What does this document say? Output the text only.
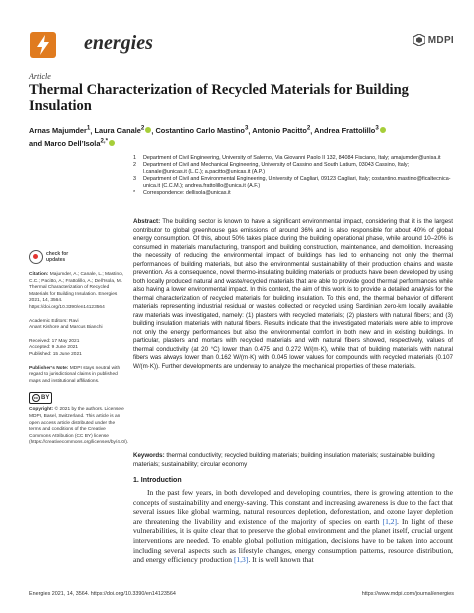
energies	MDPI
Article
Thermal Characterization of Recycled Materials for Building Insulation
Arnas Majumder$^1$, Laura Canale$^2$ , Costantino Carlo Mastino$^3$, Antonio Pacitto$^2$, Andrea Frattolillo$^3$
and Marco Dell’Isola$^{2,*}$
1	Department of Civil Engineering, University of Salerno, Via Giovanni Paolo II 132, 84084 Fisciano, Italy; amajumder@unisa.it
2	Department of Civil and Mechanical Engineering, University of Cassino and South Latium, 03043 Cassino, Italy; l.canale@unicas.it (L.C.); a.pacitto@unicas.it (A.P.)
3	Department of Civil and Environmental Engineering, University of Cagliari, 09123 Cagliari, Italy; costantino.mastino@ficaltecnica-unica.it (C.C.M.); andrea.frattolillo@unica.it (A.F.)
*	Correspondence: dellisola@unicas.it
Abstract: The building sector is known to have a significant environmental impact, considering that it is the largest contributor to global greenhouse gas emissions of around 36% and is also responsible for about 40% of global energy consumption. Of this, about 50% takes place during the building operational phase, while around 10–20% is consumed in materials manufacturing, transport and building construction, maintenance, and demolition. Increasing the necessity of reducing the environmental impact of buildings has led to enhancing not only the thermal performances of building materials, but also the environmental sustainability of their production chains and waste prevention. As a consequence, novel thermo-insulating building materials or products have been developed by using both locally produced natural and waste/recycled materials that are able to provide good thermal performances while also having a lower environmental impact. In this context, the aim of this work is to provide a detailed analysis for the thermal characterization of recycled materials for building insulation. To this end, the thermal behavior of different materials representing industrial residual or wastes collected or recycled using Sardinian zero-km locally available raw materials was investigated, namely: (1) plasters with recycled materials; (2) plasters with natural fibers; and (3) building insulation materials with natural fibers. Results indicate that the investigated materials were able to improve not only the energy performances but also the environmental comfort in both new and in existing buildings. In particular, plasters and mortars with recycled materials and with natural fibers showed, respectively, values of thermal conductivity (at 20 °C) lower than 0.475 and 0.272 W/(m·K), while that of building materials with natural fibers was always lower than 0.162 W/(m·K) with 0.045 lower values for compounds with recycled materials (0.107 W/(m·K)). Further developments are underway to analyze the mechanical properties of these materials.
Keywords: thermal conductivity; recycled building materials; building insulation materials; sustainable building materials; sustainability; circular economy
check for
updates
Citation: Majumder, A.; Canale, L.; Mastino, C.C.; Pacitto, A.; Frattolillo, A.; Dell’Isola, M. Thermal Characterization of Recycled Materials for Building Insulation. Energies 2021, 14, 3564. https://doi.org/10.3390/en14123564
Academic Editors: Ravi
Anant Kishore and Marcus Bianchi
Received: 17 May 2021
Accepted: 9 June 2021
Published: 15 June 2021
Publisher’s Note: MDPI stays neutral with regard to jurisdictional claims in published maps and institutional affiliations.
cc BY
Copyright: © 2021 by the authors. Licensee MDPI, Basel, Switzerland. This article is an open access article distributed under the terms and conditions of the Creative Commons Attribution (CC BY) license (https://creativecommons.org/licenses/by/4.0/).
1. Introduction

In the past few years, in both developed and developing countries, there is growing attention to the concepts of sustainability and energy-saving. This constant and increasing awareness is due to the fact that several issues like global warming, natural resources depletion, deforestation, and ozone layer depletion are threatening the livability and existence of the majority of species on earth [1,2]. In light of these vulnerabilities, it is quite clear that to preserve the global environment and the planet itself, crucial urgent interventions are needed. To enable global pollution mitigation, decisions have to be taken into account including several aspects such as lifestyle changes, energy consumption patterns, resource distribution, and energy efficiency production [1,3]. It is well known that

Energies 2021, 14, 3564. https://doi.org/10.3390/en14123564	https://www.mdpi.com/journal/energies
